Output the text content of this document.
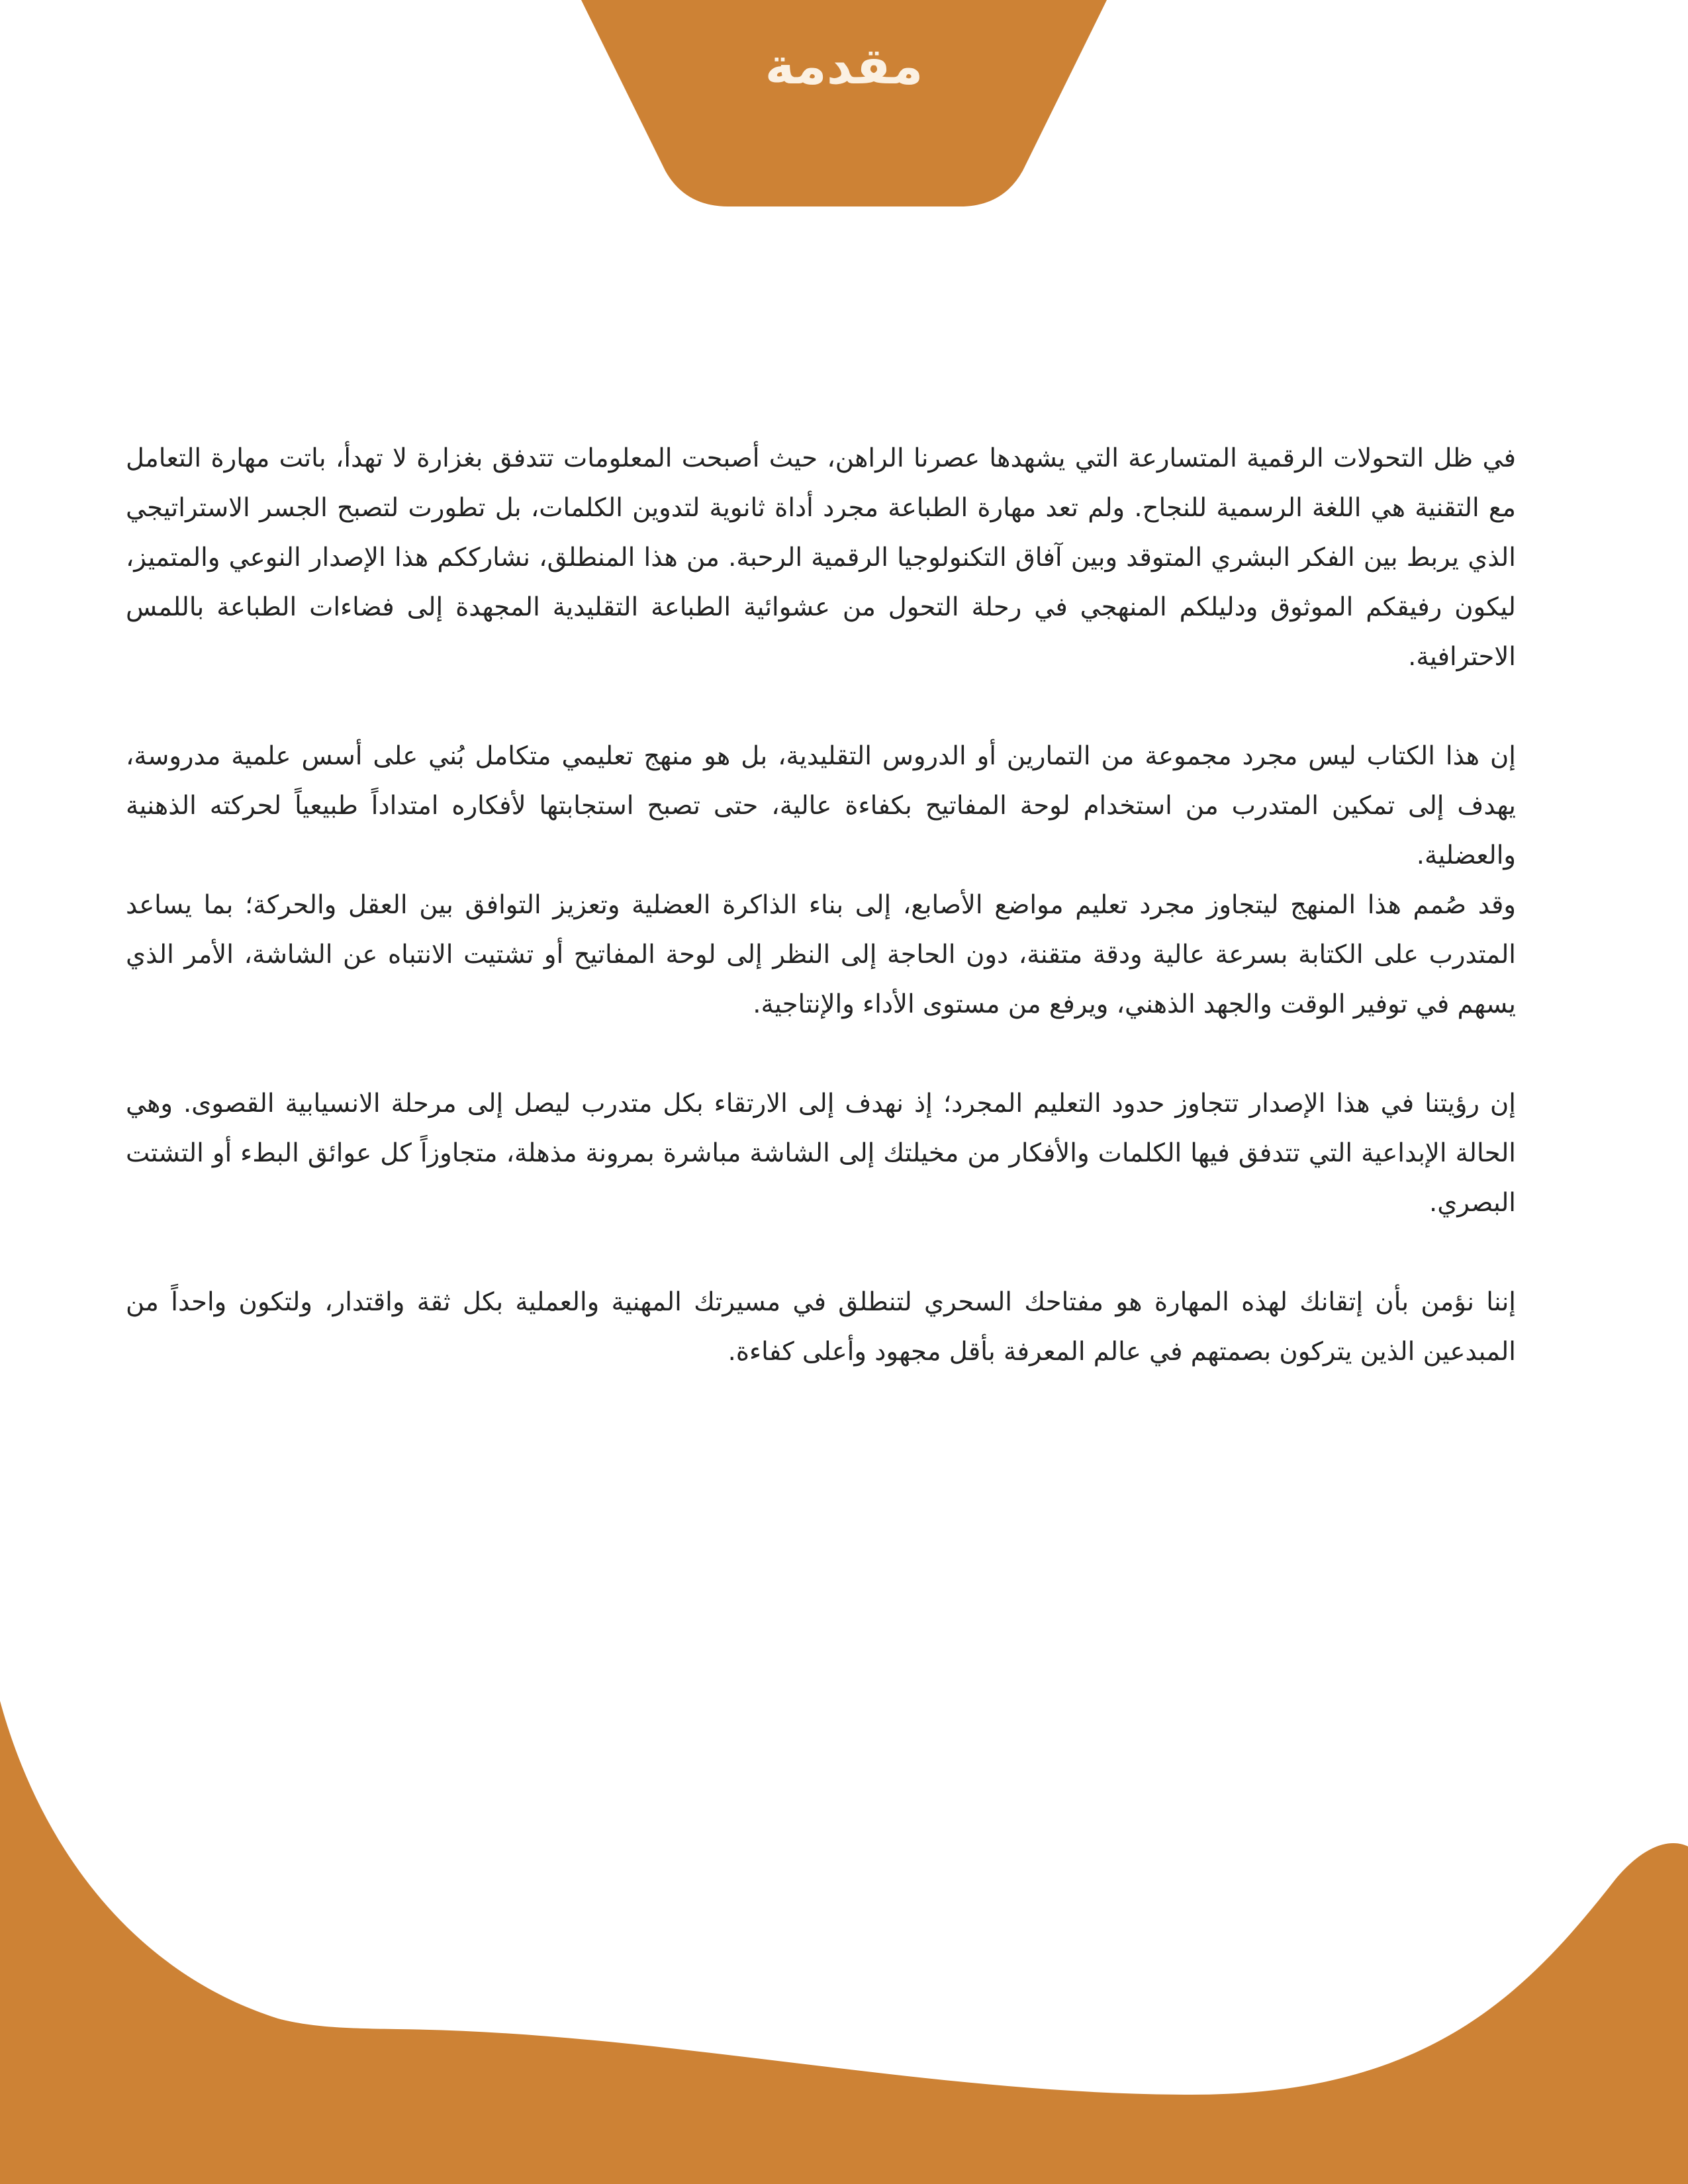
مقدمة

في ظل التحولات الرقمية المتسارعة التي يشهدها عصرنا الراهن، حيث أصبحت المعلومات تتدفق بغزارة لا تهدأ، باتت مهارة التعامل مع التقنية هي اللغة الرسمية للنجاح. ولم تعد مهارة الطباعة مجرد أداة ثانوية لتدوين الكلمات، بل تطورت لتصبح الجسر الاستراتيجي الذي يربط بين الفكر البشري المتوقد وبين آفاق التكنولوجيا الرقمية الرحبة. من هذا المنطلق، نشارككم هذا الإصدار النوعي والمتميز، ليكون رفيقكم الموثوق ودليلكم المنهجي في رحلة التحول من عشوائية الطباعة التقليدية المجهدة إلى فضاءات الطباعة باللمس الاحترافية.

إن هذا الكتاب ليس مجرد مجموعة من التمارين أو الدروس التقليدية، بل هو منهج تعليمي متكامل بُني على أسس علمية مدروسة، يهدف إلى تمكين المتدرب من استخدام لوحة المفاتيح بكفاءة عالية، حتى تصبح استجابتها لأفكاره امتداداً طبيعياً لحركته الذهنية والعضلية.
وقد صُمم هذا المنهج ليتجاوز مجرد تعليم مواضع الأصابع، إلى بناء الذاكرة العضلية وتعزيز التوافق بين العقل والحركة؛ بما يساعد المتدرب على الكتابة بسرعة عالية ودقة متقنة، دون الحاجة إلى النظر إلى لوحة المفاتيح أو تشتيت الانتباه عن الشاشة، الأمر الذي يسهم في توفير الوقت والجهد الذهني، ويرفع من مستوى الأداء والإنتاجية.

إن رؤيتنا في هذا الإصدار تتجاوز حدود التعليم المجرد؛ إذ نهدف إلى الارتقاء بكل متدرب ليصل إلى مرحلة الانسيابية القصوى. وهي الحالة الإبداعية التي تتدفق فيها الكلمات والأفكار من مخيلتك إلى الشاشة مباشرة بمرونة مذهلة، متجاوزاً كل عوائق البطء أو التشتت البصري.

إننا نؤمن بأن إتقانك لهذه المهارة هو مفتاحك السحري لتنطلق في مسيرتك المهنية والعملية بكل ثقة واقتدار، ولتكون واحداً من المبدعين الذين يتركون بصمتهم في عالم المعرفة بأقل مجهود وأعلى كفاءة.
